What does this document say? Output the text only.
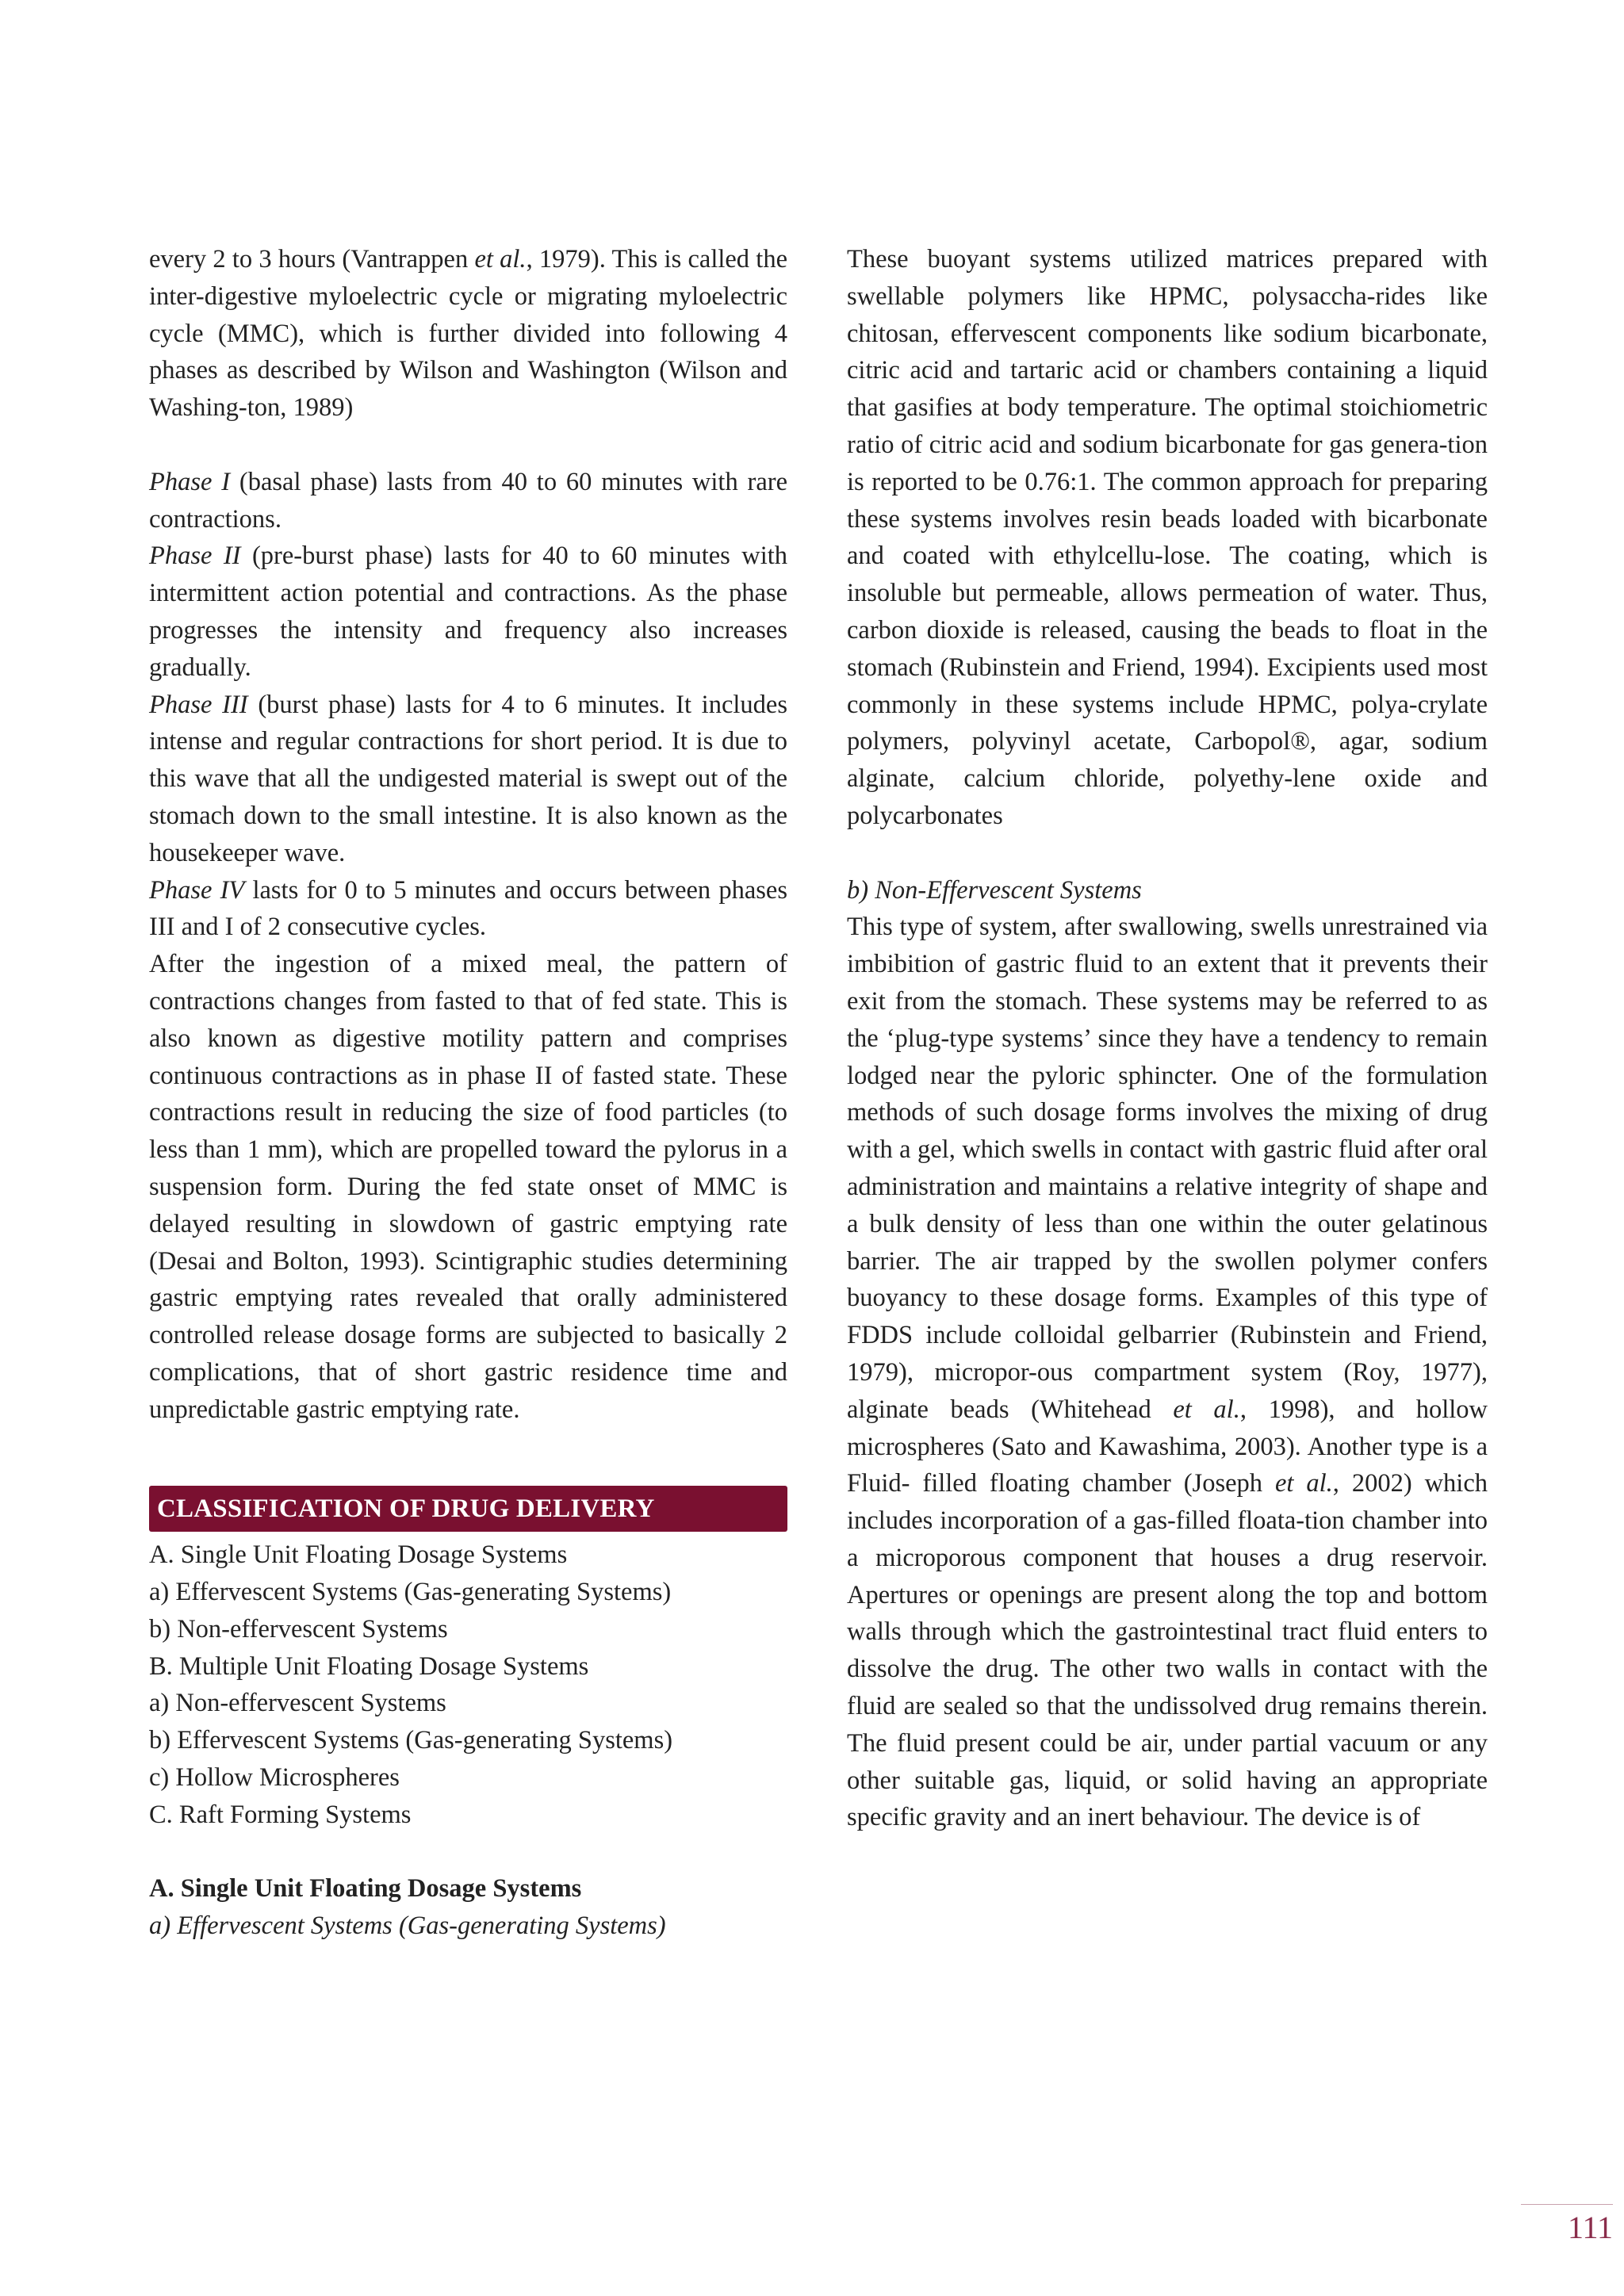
every 2 to 3 hours (Vantrappen et al., 1979). This is called the inter-digestive myloelectric cycle or migrating myloelectric cycle (MMC), which is further divided into following 4 phases as described by Wilson and Washington (Wilson and Washing-ton, 1989)

Phase I (basal phase) lasts from 40 to 60 minutes with rare contractions.

Phase II (pre-burst phase) lasts for 40 to 60 minutes with intermittent action potential and contractions. As the phase progresses the intensity and frequency also increases gradually.

Phase III (burst phase) lasts for 4 to 6 minutes. It includes intense and regular contractions for short period. It is due to this wave that all the undigested material is swept out of the stomach down to the small intestine. It is also known as the housekeeper wave.

Phase IV lasts for 0 to 5 minutes and occurs between phases III and I of 2 consecutive cycles.

After the ingestion of a mixed meal, the pattern of contractions changes from fasted to that of fed state. This is also known as digestive motility pattern and comprises continuous contractions as in phase II of fasted state. These contractions result in reducing the size of food particles (to less than 1 mm), which are propelled toward the pylorus in a suspension form. During the fed state onset of MMC is delayed resulting in slowdown of gastric emptying rate (Desai and Bolton, 1993). Scintigraphic studies determining gastric emptying rates revealed that orally administered controlled release dosage forms are subjected to basically 2 complications, that of short gastric residence time and unpredictable gastric emptying rate.

CLASSIFICATION OF DRUG DELIVERY

A. Single Unit Floating Dosage Systems

a) Effervescent Systems (Gas-generating Systems)

b) Non-effervescent Systems

B. Multiple Unit Floating Dosage Systems

a) Non-effervescent Systems

b) Effervescent Systems (Gas-generating Systems)

c) Hollow Microspheres

C. Raft Forming Systems

A. Single Unit Floating Dosage Systems

a) Effervescent Systems (Gas-generating Systems)

These buoyant systems utilized matrices prepared with swellable polymers like HPMC, polysaccha-rides like chitosan, effervescent components like sodium bicarbonate, citric acid and tartaric acid or chambers containing a liquid that gasifies at body temperature. The optimal stoichiometric ratio of citric acid and sodium bicarbonate for gas genera-tion is reported to be 0.76:1. The common approach for preparing these systems involves resin beads loaded with bicarbonate and coated with ethylcellu-lose. The coating, which is insoluble but permeable, allows permeation of water. Thus, carbon dioxide is released, causing the beads to float in the stomach (Rubinstein and Friend, 1994). Excipients used most commonly in these systems include HPMC, polya-crylate polymers, polyvinyl acetate, Carbopol®, agar, sodium alginate, calcium chloride, polyethy-lene oxide and polycarbonates

b) Non-Effervescent Systems

This type of system, after swallowing, swells unrestrained via imbibition of gastric fluid to an extent that it prevents their exit from the stomach. These systems may be referred to as the ‘plug-type systems’ since they have a tendency to remain lodged near the pyloric sphincter. One of the formulation methods of such dosage forms involves the mixing of drug with a gel, which swells in contact with gastric fluid after oral administration and maintains a relative integrity of shape and a bulk density of less than one within the outer gelatinous barrier. The air trapped by the swollen polymer confers buoyancy to these dosage forms. Examples of this type of FDDS include colloidal gelbarrier (Rubinstein and Friend, 1979), micropor-ous compartment system (Roy, 1977), alginate beads (Whitehead et al., 1998), and hollow microspheres (Sato and Kawashima, 2003). Another type is a Fluid- filled floating chamber (Joseph et al., 2002) which includes incorporation of a gas-filled floata-tion chamber into a microporous component that houses a drug reservoir. Apertures or openings are present along the top and bottom walls through which the gastrointestinal tract fluid enters to dissolve the drug. The other two walls in contact with the fluid are sealed so that the undissolved drug remains therein. The fluid present could be air, under partial vacuum or any other suitable gas, liquid, or solid having an appropriate specific gravity and an inert behaviour. The device is of

111
